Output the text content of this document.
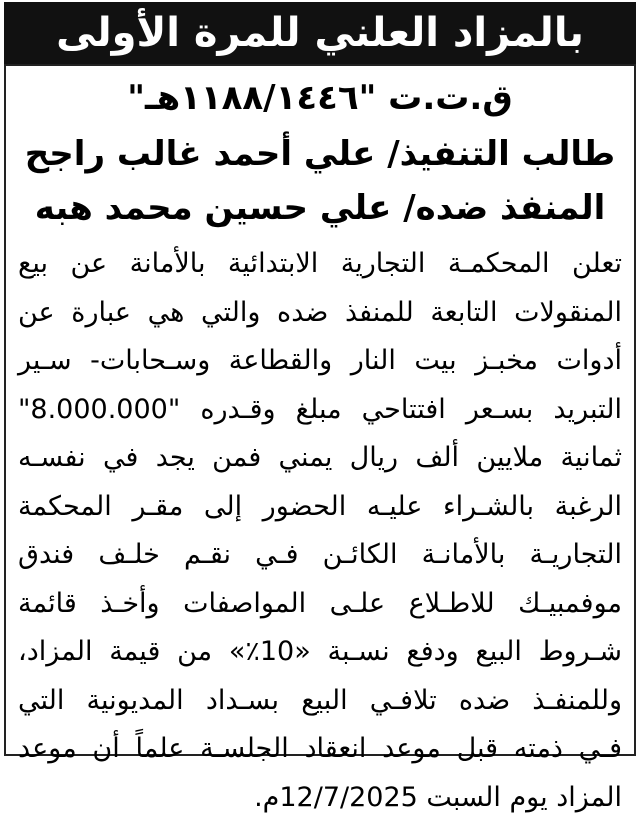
بالمزاد العلني للمرة الأولى
ق.ت.ت "١١٨٨/١٤٤٦هـ"
طالب التنفيذ/ علي أحمد غالب راجح
المنفذ ضده/ علي حسين محمد هبه
تعلن المحكمـة التجارية الابتدائية بالأمانة عن بيع
المنقولات التابعة للمنفذ ضده والتي هي عبارة عن
أدوات مخبـز بيت النار والقطاعة وسـحابات- سـير
التبريد بسـعر افتتاحي مبلغ وقـدره "8.000.000"
ثمانية ملايين ألف ريال يمني فمن يجد في نفسـه
الرغبة بالشـراء عليـه الحضور إلى مقـر المحكمة
التجاريـة بالأمانـة الكائـن فـي نقـم خلـف فندق
موفمبيـك للاطـلاع علـى المواصفات وأخـذ قائمة
شـروط البيع ودفع نسـبة «10٪» من قيمة المزاد،
وللمنفـذ ضده تلافـي البيع بسـداد المديونية التي
فـي ذمته قبل موعد انعقاد الجلسـة علماً أن موعد
المزاد يوم السبت 12/7/2025م.
